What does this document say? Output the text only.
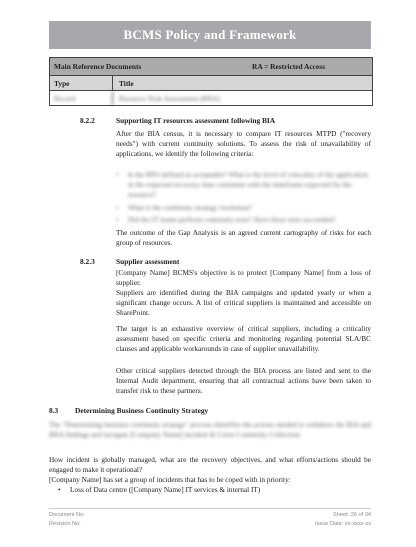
BCMS Policy and Framework
Main Reference Documents	RA = Restricted Access
Type	Title
Record	Resource Risk Assessment (RRA)
8.2.2	Supporting IT resources assessment following BIA
After the BIA census, it is necessary to compare IT resources MTPD ("recovery needs") with current continuity solutions. To assess the risk of unavailability of applications, we identify the following criteria:
• Is the RPO defined at acceptable? What is the level of criticality of the application in the expected recovery time consistent with the timeframe expected for the resource?
• What is the continuity strategy resolution?
• Did the IT teams perform continuity tests? Have these tests succeeded?
The outcome of the Gap Analysis is an agreed current cartography of risks for each group of resources.
8.2.3	Supplier assessment
[Company Name] BCMS's objective is to protect [Company Name] from a loss of supplier.
Suppliers are identified during the BIA campaigns and updated yearly or when a significant change occurs. A list of critical suppliers is maintained and accessible on SharePoint.
The target is an exhaustive overview of critical suppliers, including a criticality assessment based on specific criteria and monitoring regarding potential SLA/BC clauses and applicable workarounds in case of supplier unavailability.
Other critical suppliers detected through the BIA process are listed and sent to the Internal Audit department, ensuring that all contractual actions have been taken to transfer risk to these partners.
8.3 Determining Business Continuity Strategy
The "Determining business continuity strategy" process identifies the actions needed to withdraw the BIA and BRA findings and navigate [Company Name] incident & Crisis Continuity Collection.
How incident is globally managed, what are the recovery objectives, and what efforts/actions should be engaged to make it operational?
[Company Name] has set a group of incidents that has to be coped with in priority:
• Loss of Data centre ([Company Name] IT services & internal IT)
Document No:
Revision No:
Sheet: 26 of 34
Issue Date: xx-xxxx-xx
